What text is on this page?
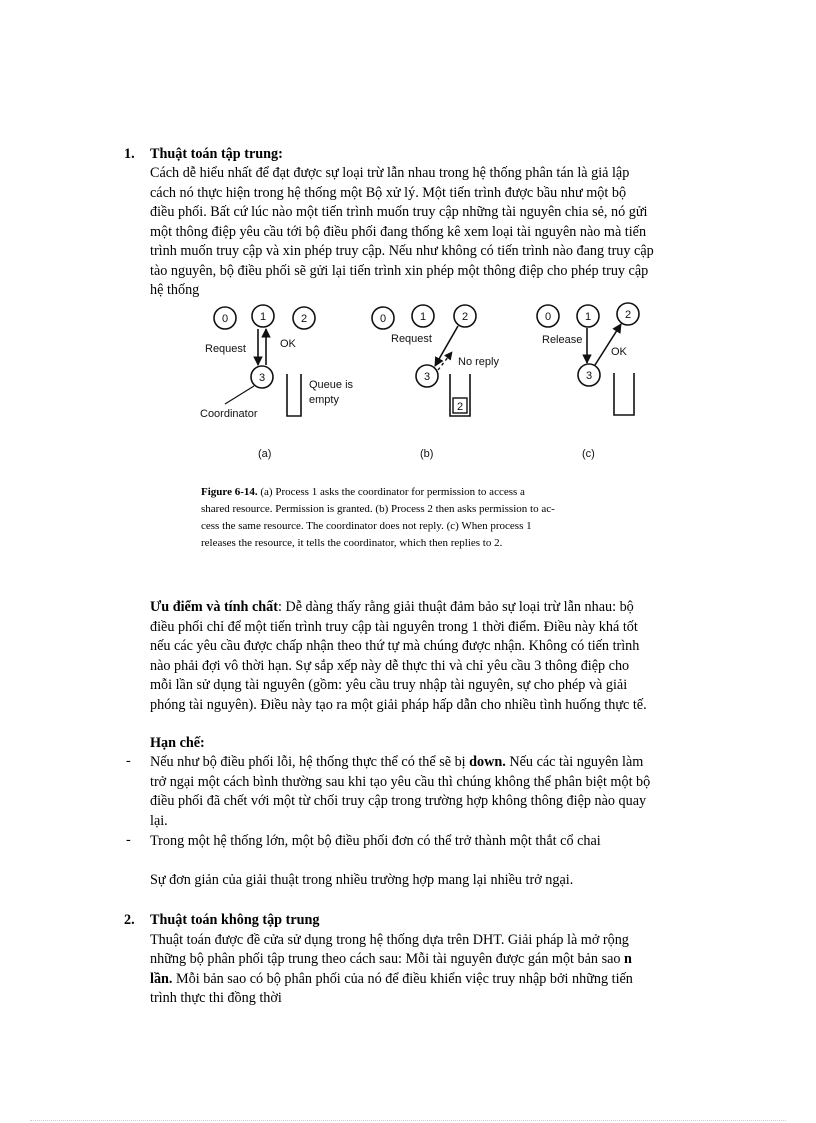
1. Thuật toán tập trung:
Cách dễ hiểu nhất để đạt được sự loại trừ lẫn nhau trong hệ thống phân tán là giả lập
cách nó thực hiện trong hệ thống một Bộ xử lý. Một tiến trình được bầu như một bộ
điều phối. Bất cứ lúc nào một tiến trình muốn truy cập những tài nguyên chia sẻ, nó gửi
một thông điệp yêu cầu tới bộ điều phối đang thống kê xem loại tài nguyên nào mà tiến
trình muốn truy cập và xin phép truy cập. Nếu như không có tiến trình nào đang truy cập
tào nguyên, bộ điều phối sẽ gửi lại tiến trình xin phép một thông điệp cho phép truy cập
hệ thống
0	1	2
3
Request	OK
Queue is
empty
Coordinator
(a)
0	1	2
3
Request
No reply
2
(b)
0	1	2
3
Release
OK
(c)
Figure 6-14. (a) Process 1 asks the coordinator for permission to access a
shared resource. Permission is granted. (b) Process 2 then asks permission to ac-
cess the same resource. The coordinator does not reply. (c) When process 1
releases the resource, it tells the coordinator, which then replies to 2.
Ưu điểm và tính chất: Dễ dàng thấy rằng giải thuật đảm bảo sự loại trừ lẫn nhau: bộ
điều phối chỉ để một tiến trình truy cập tài nguyên trong 1 thời điểm. Điều này khá tốt
nếu các yêu cầu được chấp nhận theo thứ tự mà chúng được nhận. Không có tiến trình
nào phải đợi vô thời hạn. Sự sắp xếp này dễ thực thi và chỉ yêu cầu 3 thông điệp cho
mỗi lần sử dụng tài nguyên (gồm: yêu cầu truy nhập tài nguyên, sự cho phép và giải
phóng tài nguyên). Điều này tạo ra một giải pháp hấp dẫn cho nhiều tình huống thực tế.
Hạn chế:
- Nếu như bộ điều phối lỗi, hệ thống thực thể có thể sẽ bị down. Nếu các tài nguyên làm
trở ngại một cách bình thường sau khi tạo yêu cầu thì chúng không thể phân biệt một bộ
điều phối đã chết với một từ chối truy cập trong trường hợp không thông điệp nào quay
lại.
- Trong một hệ thống lớn, một bộ điều phối đơn có thể trở thành một thắt cổ chai
Sự đơn giản của giải thuật trong nhiều trường hợp mang lại nhiều trở ngại.
2. Thuật toán không tập trung
Thuật toán được đề cửa sử dụng trong hệ thống dựa trên DHT. Giải pháp là mở rộng
những bộ phân phối tập trung theo cách sau: Mỗi tài nguyên được gán một bản sao n
lần. Mỗi bản sao có bộ phân phối của nó để điều khiển việc truy nhập bởi những tiến
trình thực thi đồng thời
